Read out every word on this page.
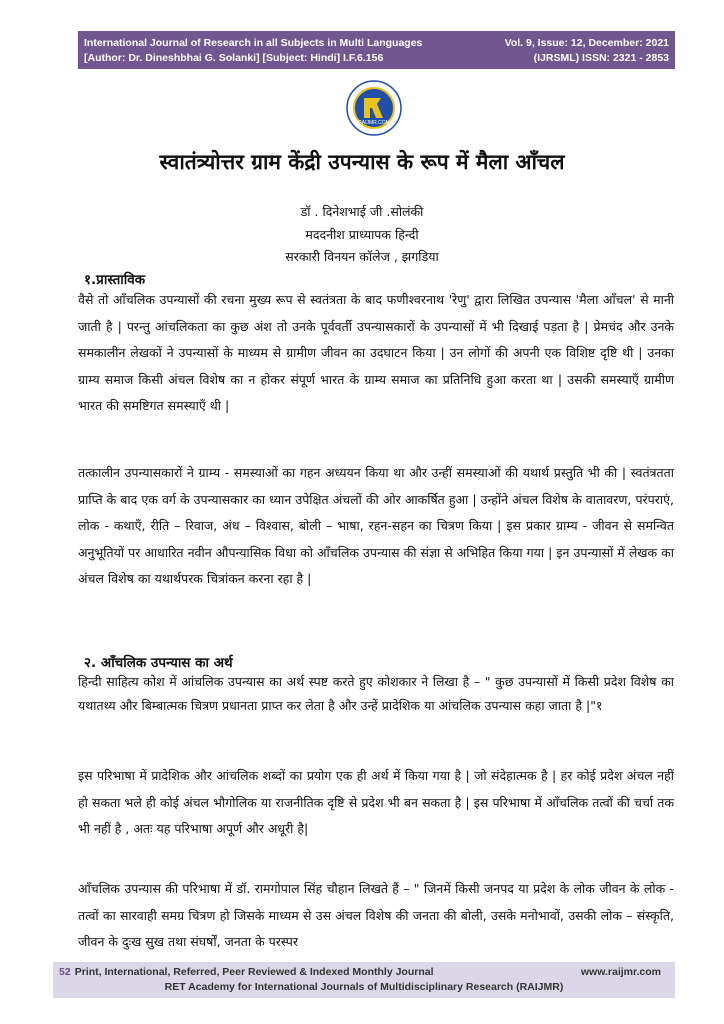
International Journal of Research in all Subjects in Multi Languages
[Author: Dr. Dineshbhai G. Solanki] [Subject: Hindi] I.F.6.156
Vol. 9, Issue: 12, December: 2021
(IJRSML) ISSN: 2321 - 2853
RAIJMR.COM
स्वातंत्र्योत्तर ग्राम केंद्री उपन्यास के रूप में मैला आँचल
डॉ . दिनेशभाई जी .सोलंकी
मददनीश प्राध्यापक हिन्दी
सरकारी विनयन कॉलेज , झगडिया
१.प्रास्ताविक

वैसे तो आँचलिक उपन्यासों की रचना मुख्य रूप से स्वतंत्रता के बाद फणीश्वरनाथ 'रेणु' द्वारा लिखित उपन्यास 'मैला आँचल' से मानी जाती है | परन्तु आंचलिकता का कुछ अंश तो उनके पूर्ववर्ती उपन्यासकारों के उपन्यासों में भी दिखाई पड़ता है | प्रेमचंद और उनके समकालीन लेखकों ने उपन्यासों के माध्यम से ग्रामीण जीवन का उदघाटन किया | उन लोगों की अपनी एक विशिष्ट दृष्टि थी | उनका ग्राम्य समाज किसी अंचल विशेष का न होकर संपूर्ण भारत के ग्राम्य समाज का प्रतिनिधि हुआ करता था | उसकी समस्याएँ ग्रामीण भारत की समष्टिगत समस्याएँ थी |

तत्कालीन उपन्यासकारों ने ग्राम्य - समस्याओं का गहन अध्ययन किया था और उन्हीं समस्याओं की यथार्थ प्रस्तुति भी की | स्वतंत्रतता प्राप्ति के बाद एक वर्ग के उपन्यासकार का ध्यान उपेक्षित अंचलों की ओर आकर्षित हुआ | उन्होंने अंचल विशेष के वातावरण, परंपराएं, लोक - कथाएँ, रीति – रिवाज, अंध – विश्वास, बोली – भाषा, रहन-सहन का चित्रण किया | इस प्रकार ग्राम्य - जीवन से समन्वित अनुभूतियों पर आधारित नवीन औपन्यासिक विधा को आँचलिक उपन्यास की संज्ञा से अभिहित किया गया | इन उपन्यासों में लेखक का अंचल विशेष का यथार्थपरक चित्रांकन करना रहा है |

२. आँचलिक उपन्यास का अर्थ

हिन्दी साहित्य कोश में आंचलिक उपन्यास का अर्थ स्पष्ट करते हुए कोशकार ने लिखा है – " कुछ उपन्यासों में किसी प्रदेश विशेष का यथातथ्य और बिम्बात्मक चित्रण प्रधानता प्राप्त कर लेता है और उन्हें प्रादेशिक या आंचलिक उपन्यास कहा जाता है |"१

इस परिभाषा में प्रादेशिक और आंचलिक शब्दों का प्रयोग एक ही अर्थ में किया गया है | जो संदेहात्मक है | हर कोई प्रदेश अंचल नहीं हो सकता भले ही कोई अंचल भौगोलिक या राजनीतिक दृष्टि से प्रदेश भी बन सकता है | इस परिभाषा में आँचलिक तत्वों की चर्चा तक भी नहीं है , अतः यह परिभाषा अपूर्ण और अधूरी है|

आँचलिक उपन्यास की परिभाषा में डॉ. रामगोपाल सिंह चौहान लिखते हैं – " जिनमें किसी जनपद या प्रदेश के लोक जीवन के लोक - तत्वों का सारवाही समग्र चित्रण हो जिसके माध्यम से उस अंचल विशेष की जनता की बोली, उसके मनोभावों, उसकी लोक – संस्कृति, जीवन के दुःख सुख तथा संघर्षों, जनता के परस्पर

52 Print, International, Referred, Peer Reviewed & Indexed Monthly Journal	www.raijmr.com
RET Academy for International Journals of Multidisciplinary Research (RAIJMR)
